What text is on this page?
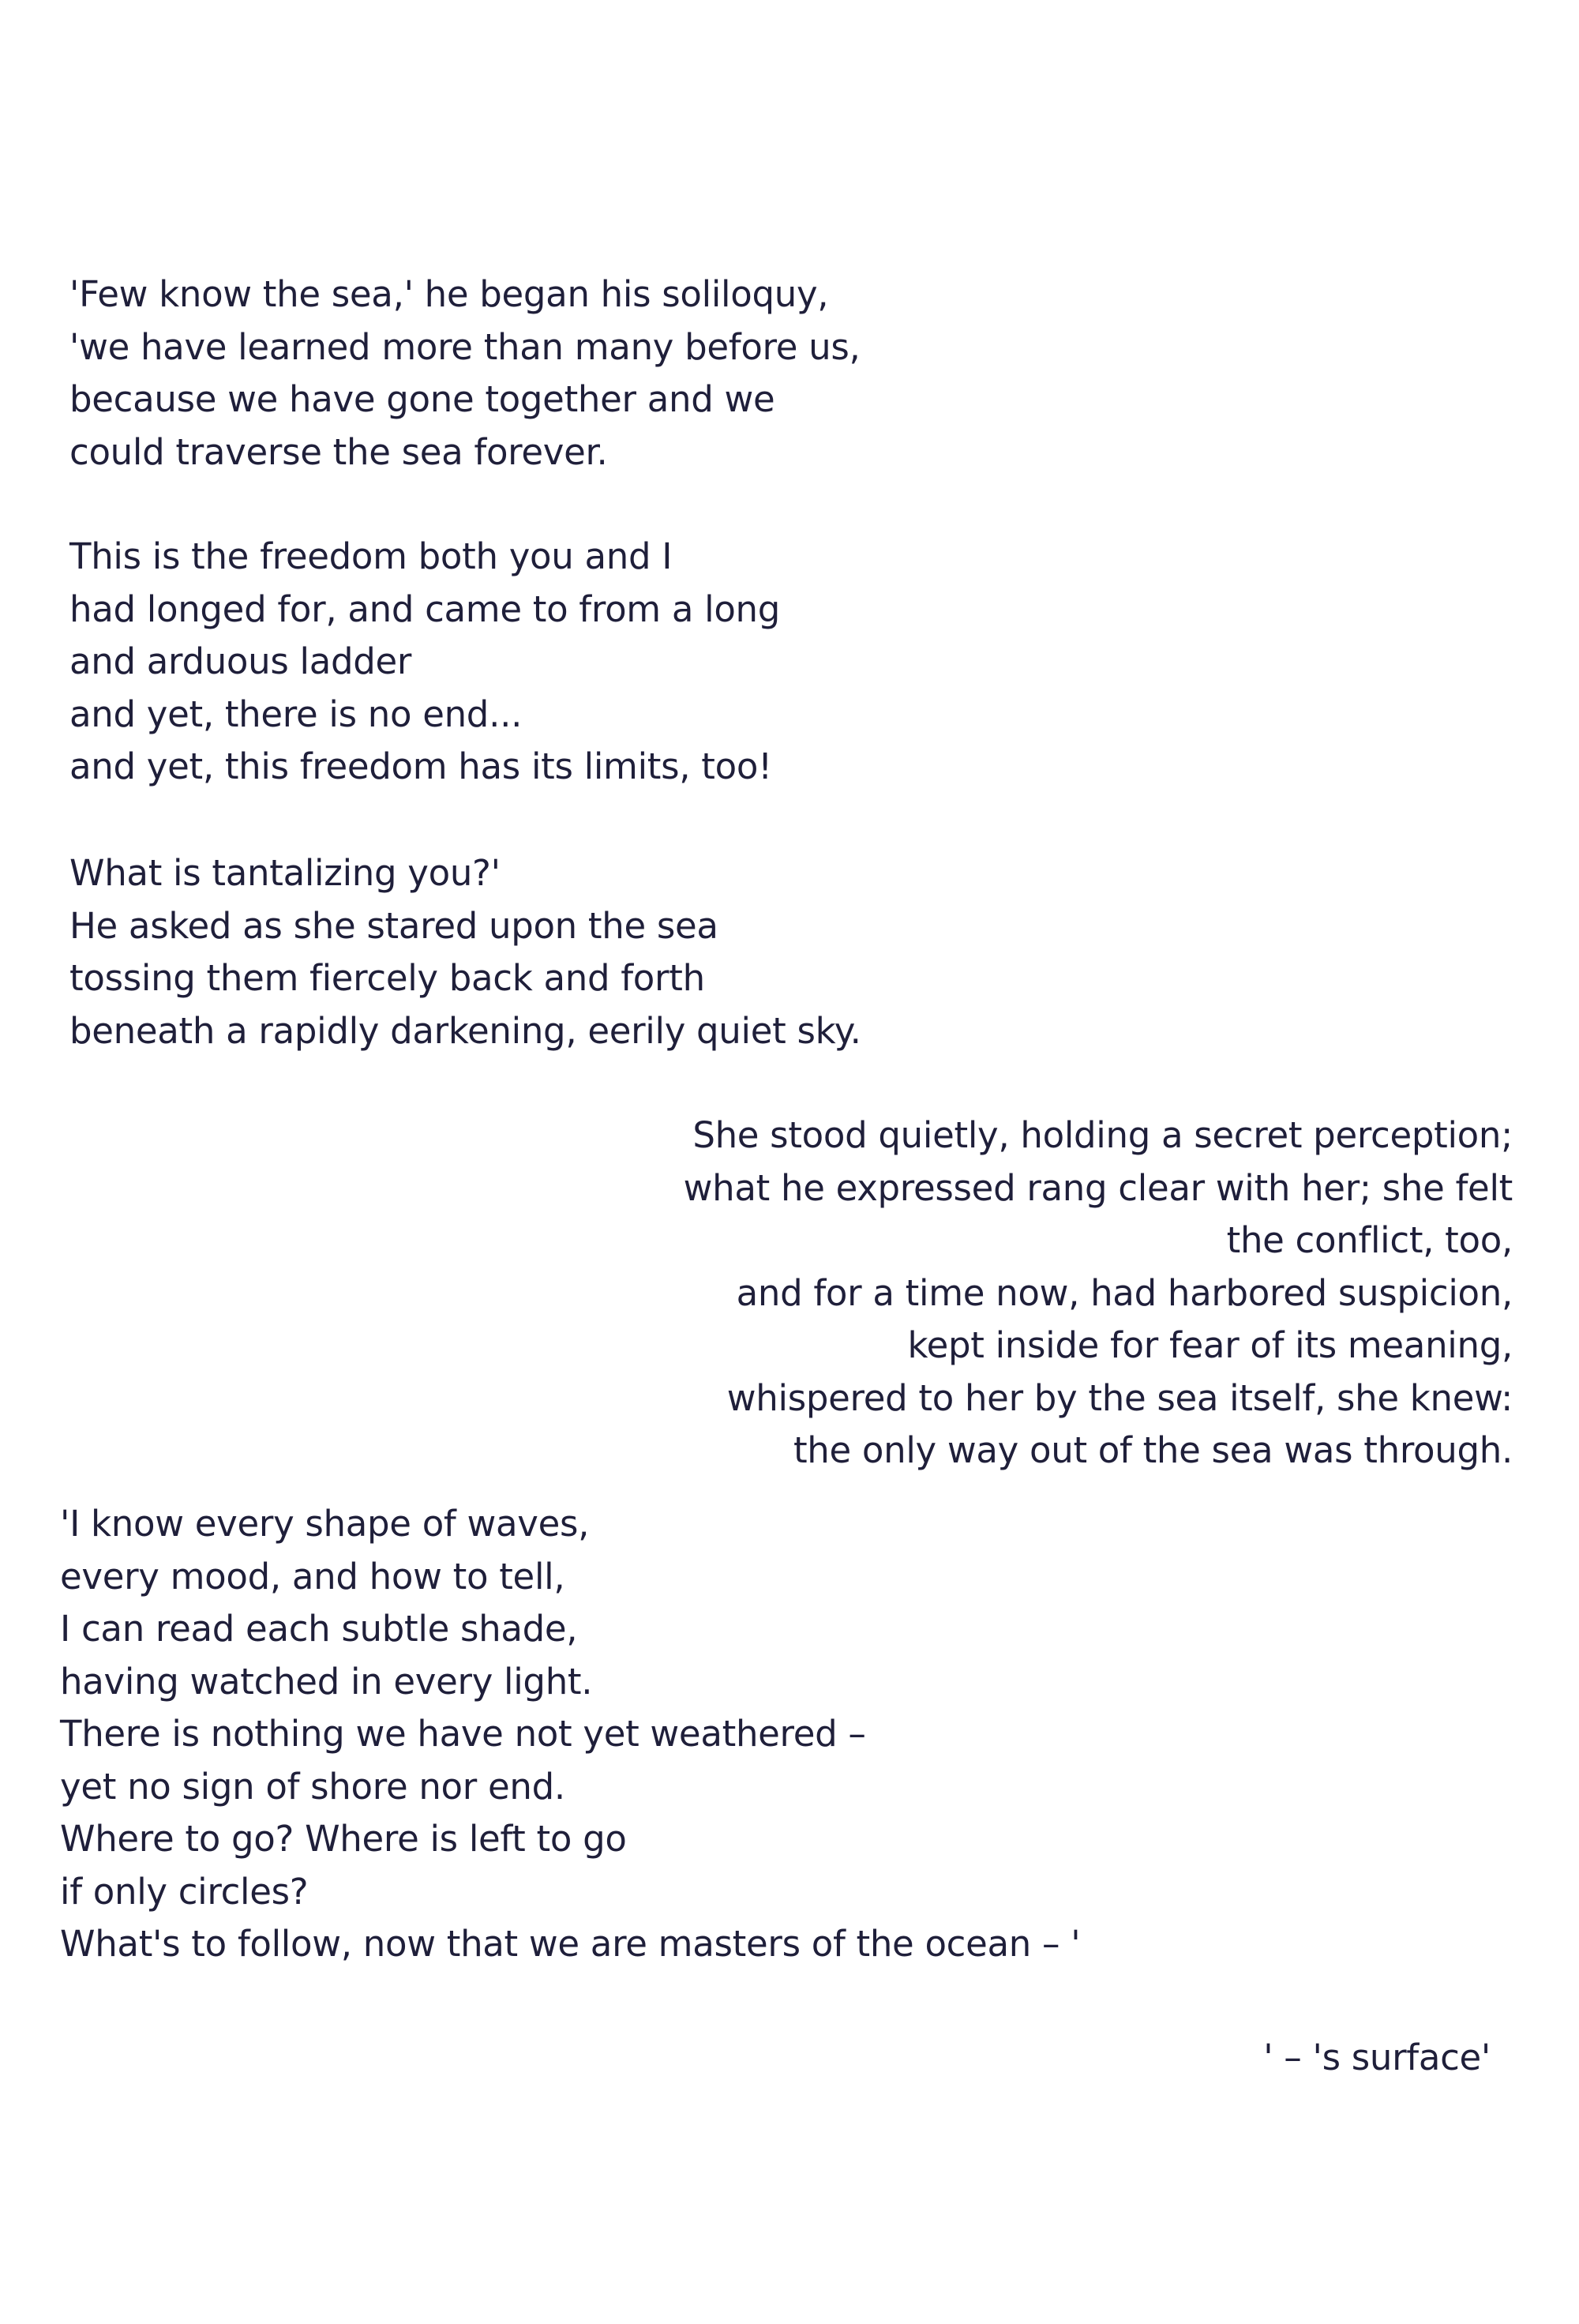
'Few know the sea,' he began his soliloquy,
'we have learned more than many before us,
because we have gone together and we
could traverse the sea forever.
This is the freedom both you and I
had longed for, and came to from a long
and arduous ladder
and yet, there is no end...
and yet, this freedom has its limits, too!
What is tantalizing you?'
He asked as she stared upon the sea
tossing them fiercely back and forth
beneath a rapidly darkening, eerily quiet sky.
She stood quietly, holding a secret perception;
what he expressed rang clear with her; she felt
the conflict, too,
and for a time now, had harbored suspicion,
kept inside for fear of its meaning,
whispered to her by the sea itself, she knew:
the only way out of the sea was through.
'I know every shape of waves,
every mood, and how to tell,
I can read each subtle shade,
having watched in every light.
There is nothing we have not yet weathered –
yet no sign of shore nor end.
Where to go? Where is left to go
if only circles?
What's to follow, now that we are masters of the ocean – '
' – 's surface'
